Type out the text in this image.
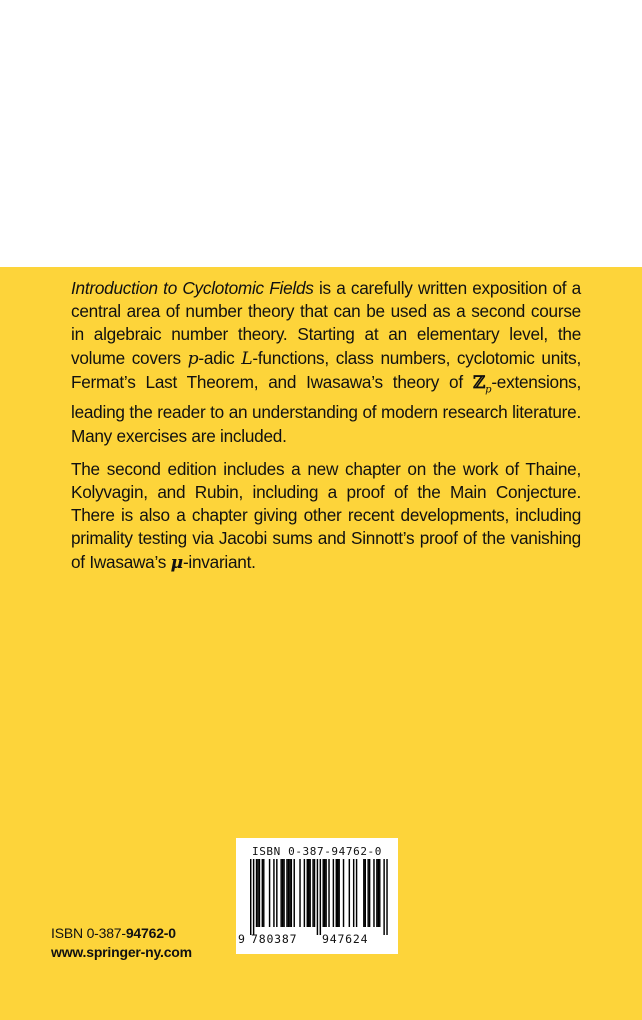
Introduction to Cyclotomic Fields is a carefully written exposition of a central area of number theory that can be used as a second course in algebraic number theory. Starting at an elementary level, the volume covers p-adic L-functions, class numbers, cyclotomic units, Fermat’s Last Theorem, and Iwasawa’s theory of ℤ$_p$-extensions, leading the reader to an understanding of modern research literature. Many exercises are included.

The second edition includes a new chapter on the work of Thaine, Kolyvagin, and Rubin, including a proof of the Main Conjecture. There is also a chapter giving other recent developments, including primality testing via Jacobi sums and Sinnott’s proof of the vanishing of Iwasawa’s μ-invariant.

ISBN 0-387-94762-0
www.springer-ny.com
ISBN 0-387-94762-0
9 780387 947624
